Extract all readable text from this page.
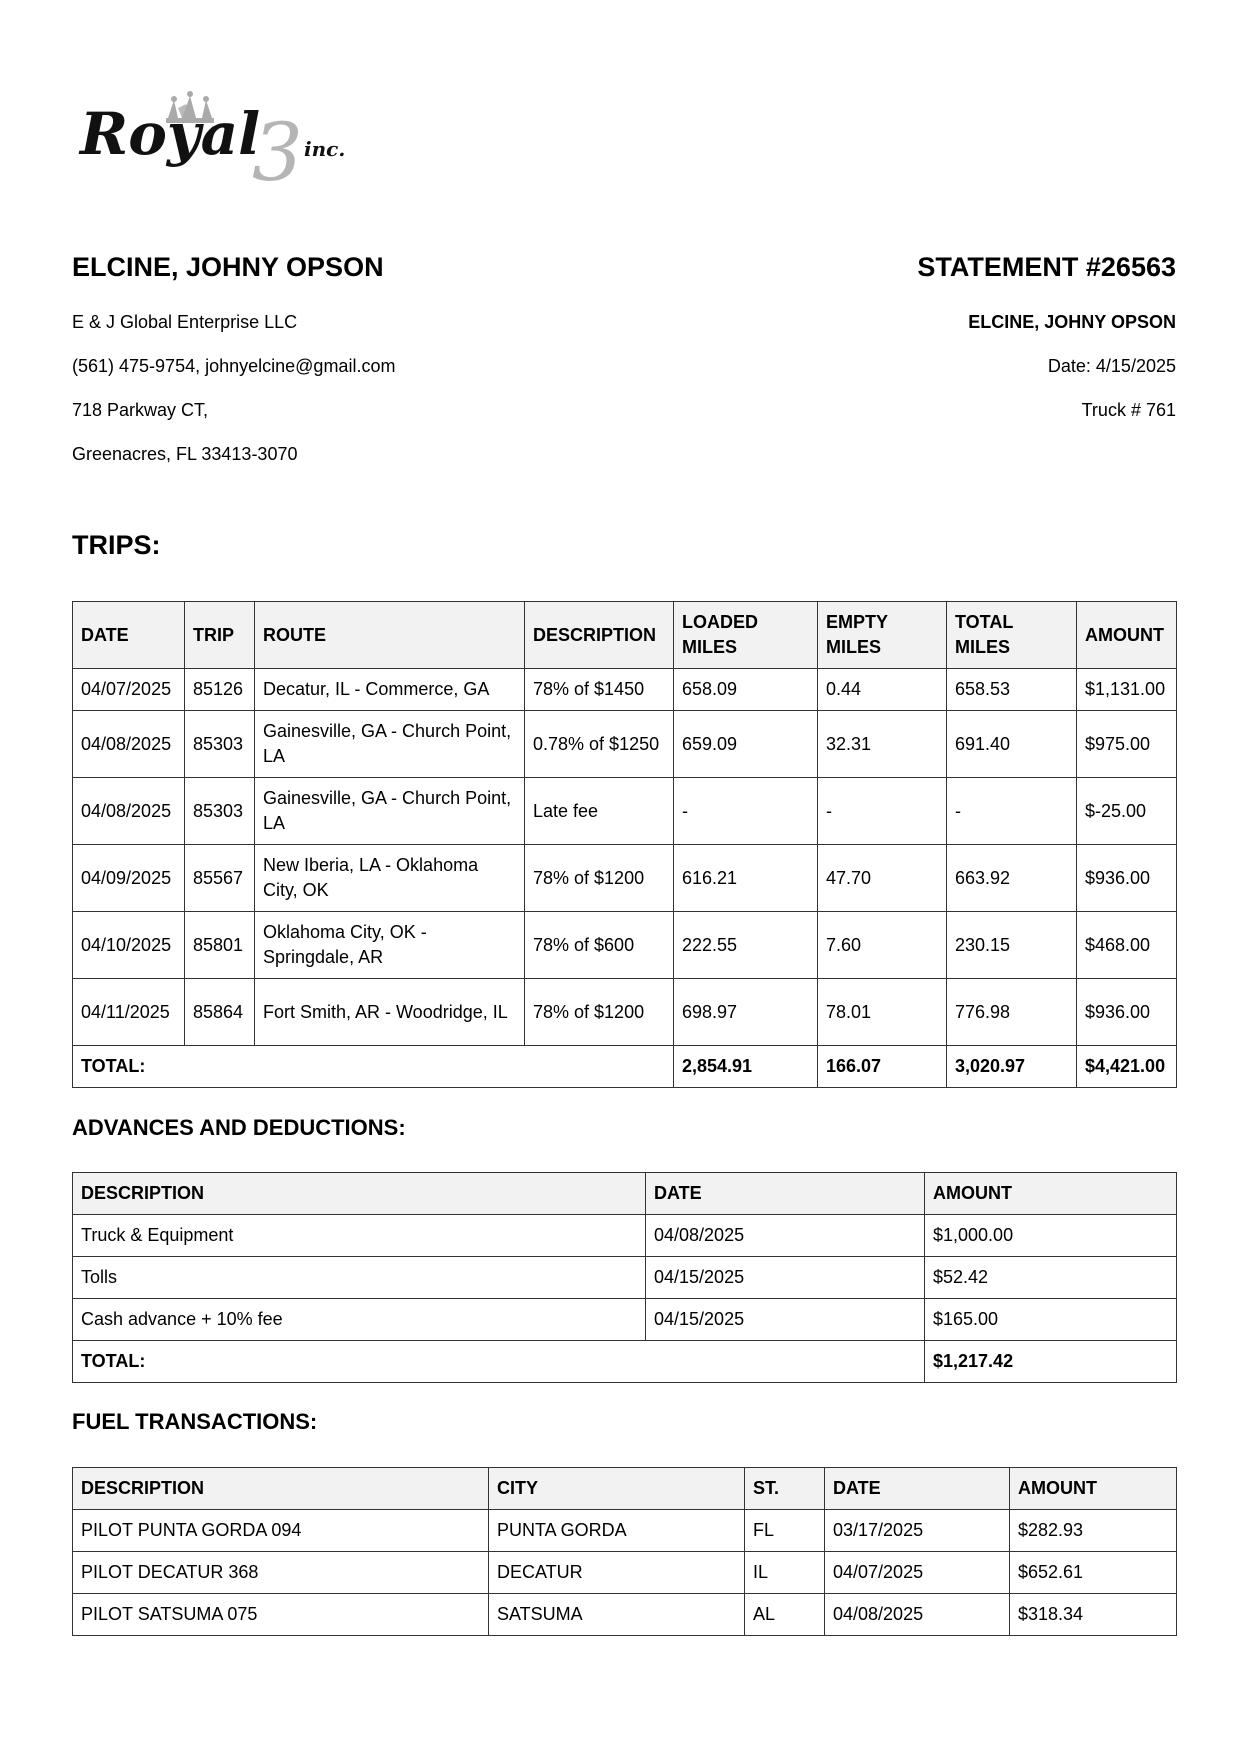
3
Royal inc.
ELCINE, JOHNY OPSON
E & J Global Enterprise LLC
(561) 475-9754, johnyelcine@gmail.com
718 Parkway CT,
Greenacres, FL 33413-3070
STATEMENT #26563
ELCINE, JOHNY OPSON
Date: 4/15/2025
Truck # 761
TRIPS:
DATE	TRIP	ROUTE	DESCRIPTION	LOADED MILES	EMPTY MILES	TOTAL MILES	AMOUNT
04/07/2025	85126	Decatur, IL - Commerce, GA	78% of $1450	658.09	0.44	658.53	$1,131.00
04/08/2025	85303	Gainesville, GA - Church Point, LA	0.78% of $1250	659.09	32.31	691.40	$975.00
04/08/2025	85303	Gainesville, GA - Church Point, LA	Late fee	-	-	-	$-25.00
04/09/2025	85567	New Iberia, LA - Oklahoma City, OK	78% of $1200	616.21	47.70	663.92	$936.00
04/10/2025	85801	Oklahoma City, OK - Springdale, AR	78% of $600	222.55	7.60	230.15	$468.00
04/11/2025	85864	Fort Smith, AR - Woodridge, IL	78% of $1200	698.97	78.01	776.98	$936.00
TOTAL:				2,854.91	166.07	3,020.97	$4,421.00
ADVANCES AND DEDUCTIONS:
DESCRIPTION	DATE	AMOUNT
Truck & Equipment	04/08/2025	$1,000.00
Tolls	04/15/2025	$52.42
Cash advance + 10% fee	04/15/2025	$165.00
TOTAL:		$1,217.42
FUEL TRANSACTIONS:
DESCRIPTION	CITY	ST.	DATE	AMOUNT
PILOT PUNTA GORDA 094	PUNTA GORDA	FL	03/17/2025	$282.93
PILOT DECATUR 368	DECATUR	IL	04/07/2025	$652.61
PILOT SATSUMA 075	SATSUMA	AL	04/08/2025	$318.34
